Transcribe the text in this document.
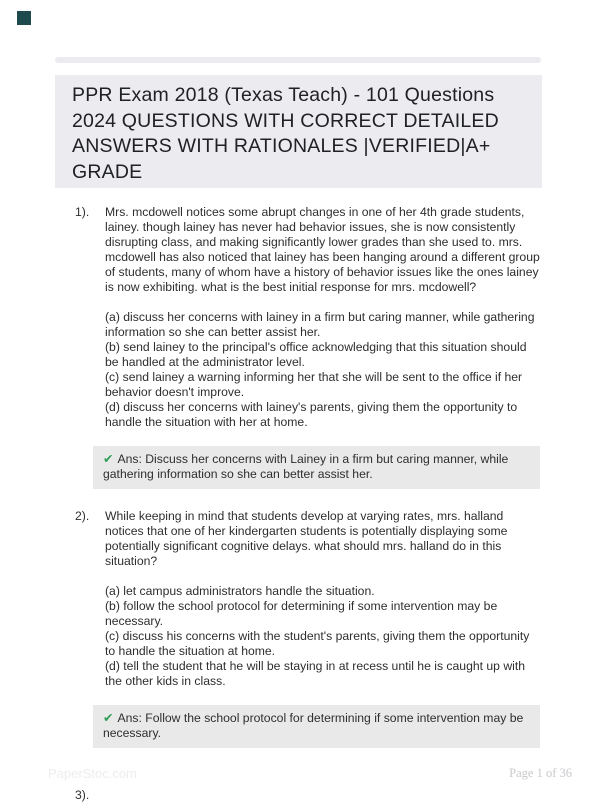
PPR Exam 2018 (Texas Teach) - 101 Questions 2024 QUESTIONS WITH CORRECT DETAILED ANSWERS WITH RATIONALES |VERIFIED|A+ GRADE
1).	Mrs. mcdowell notices some abrupt changes in one of her 4th grade students, lainey. though lainey has never had behavior issues, she is now consistently disrupting class, and making significantly lower grades than she used to. mrs. mcdowell has also noticed that lainey has been hanging around a different group of students, many of whom have a history of behavior issues like the ones lainey is now exhibiting. what is the best initial response for mrs. mcdowell?
(a) discuss her concerns with lainey in a firm but caring manner, while gathering information so she can better assist her.
(b) send lainey to the principal's office acknowledging that this situation should be handled at the administrator level.
(c) send lainey a warning informing her that she will be sent to the office if her behavior doesn't improve.
(d) discuss her concerns with lainey's parents, giving them the opportunity to handle the situation with her at home.
✔ Ans: Discuss her concerns with Lainey in a firm but caring manner, while gathering information so she can better assist her.
2).	While keeping in mind that students develop at varying rates, mrs. halland notices that one of her kindergarten students is potentially displaying some potentially significant cognitive delays. what should mrs. halland do in this situation?
(a) let campus administrators handle the situation.
(b) follow the school protocol for determining if some intervention may be necessary.
(c) discuss his concerns with the student's parents, giving them the opportunity to handle the situation at home.
(d) tell the student that he will be staying in at recess until he is caught up with the other kids in class.
✔ Ans: Follow the school protocol for determining if some intervention may be necessary.
3).
PaperStoc.com	Page 1 of 36
